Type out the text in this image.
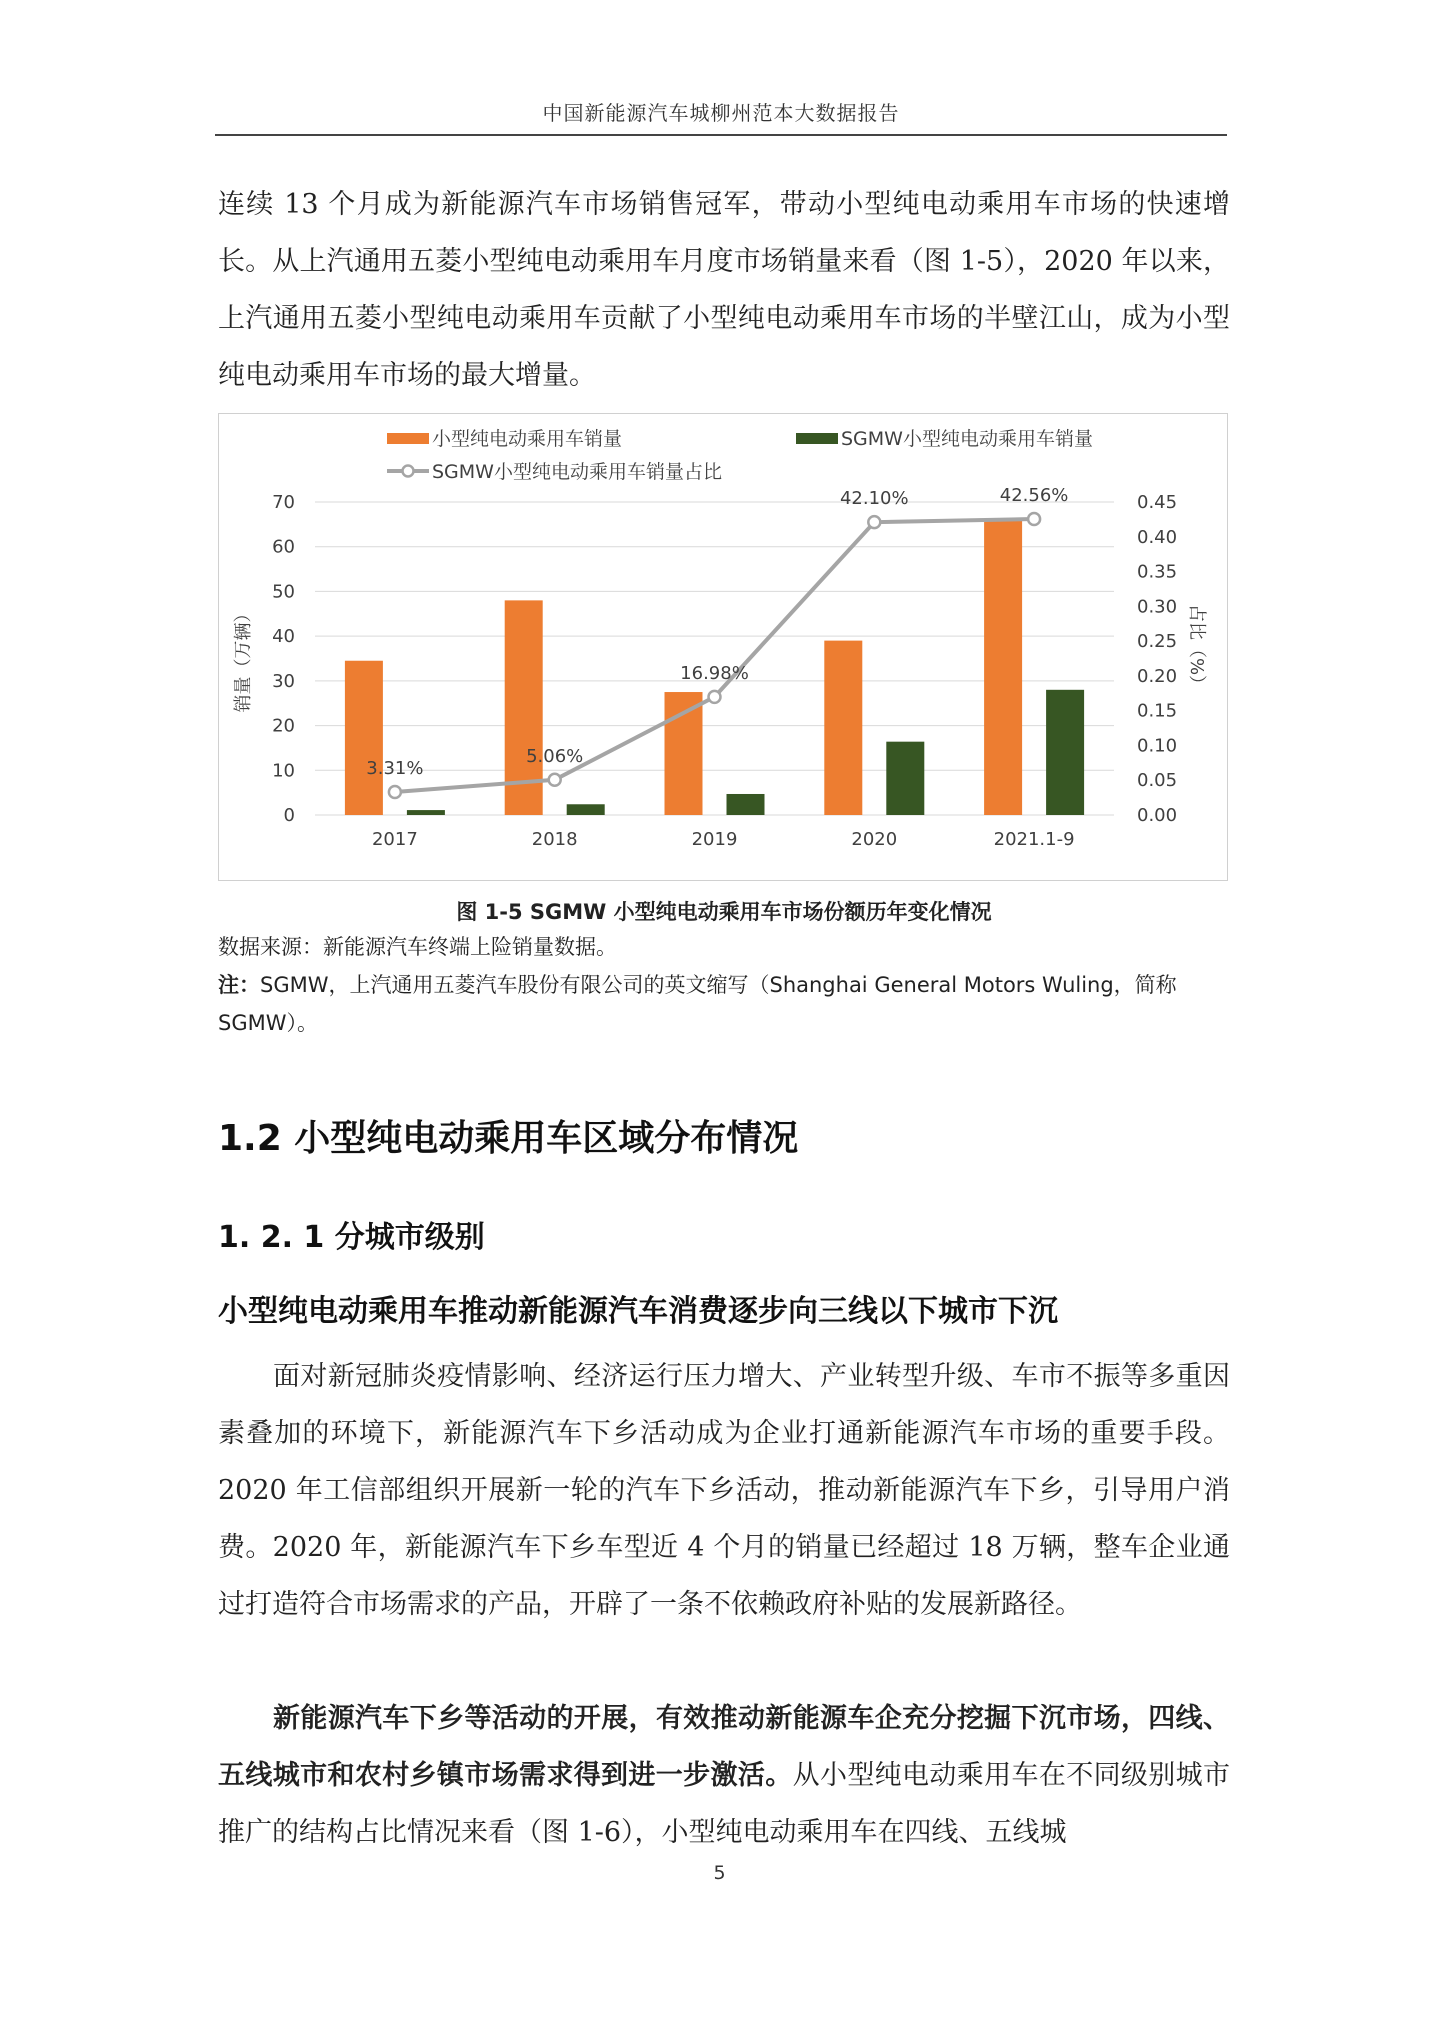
中国新能源汽车城柳州范本大数据报告

连续 13 个月成为新能源汽车市场销售冠军，带动小型纯电动乘用车市场的快速增长。从上汽通用五菱小型纯电动乘用车月度市场销量来看（图 1-5），2020 年以来，上汽通用五菱小型纯电动乘用车贡献了小型纯电动乘用车市场的半壁江山，成为小型纯电动乘用车市场的最大增量。

小型纯电动乘用车销量	SGMW小型纯电动乘用车销量
SGMW小型纯电动乘用车销量占比
3.31%
5.06%
16.98%
42.10%	42.56%
0
10
20
30
40
50
60
70
0.00
0.05
0.10
0.15
0.20
0.25
0.30
0.35
0.40
0.45
2017	2018	2019	2020	2021.1-9
销量（万辆）	占比（%）
图 1-5 SGMW 小型纯电动乘用车市场份额历年变化情况

数据来源：新能源汽车终端上险销量数据。

注：SGMW，上汽通用五菱汽车股份有限公司的英文缩写（Shanghai General Motors Wuling，简称 SGMW）。

1.2 小型纯电动乘用车区域分布情况
1. 2. 1 分城市级别
小型纯电动乘用车推动新能源汽车消费逐步向三线以下城市下沉

面对新冠肺炎疫情影响、经济运行压力增大、产业转型升级、车市不振等多重因素叠加的环境下，新能源汽车下乡活动成为企业打通新能源汽车市场的重要手段。2020 年工信部组织开展新一轮的汽车下乡活动，推动新能源汽车下乡，引导用户消费。2020 年，新能源汽车下乡车型近 4 个月的销量已经超过 18 万辆，整车企业通过打造符合市场需求的产品，开辟了一条不依赖政府补贴的发展新路径。

新能源汽车下乡等活动的开展，有效推动新能源车企充分挖掘下沉市场，四线、五线城市和农村乡镇市场需求得到进一步激活。从小型纯电动乘用车在不同级别城市推广的结构占比情况来看（图 1-6），小型纯电动乘用车在四线、五线城

5
